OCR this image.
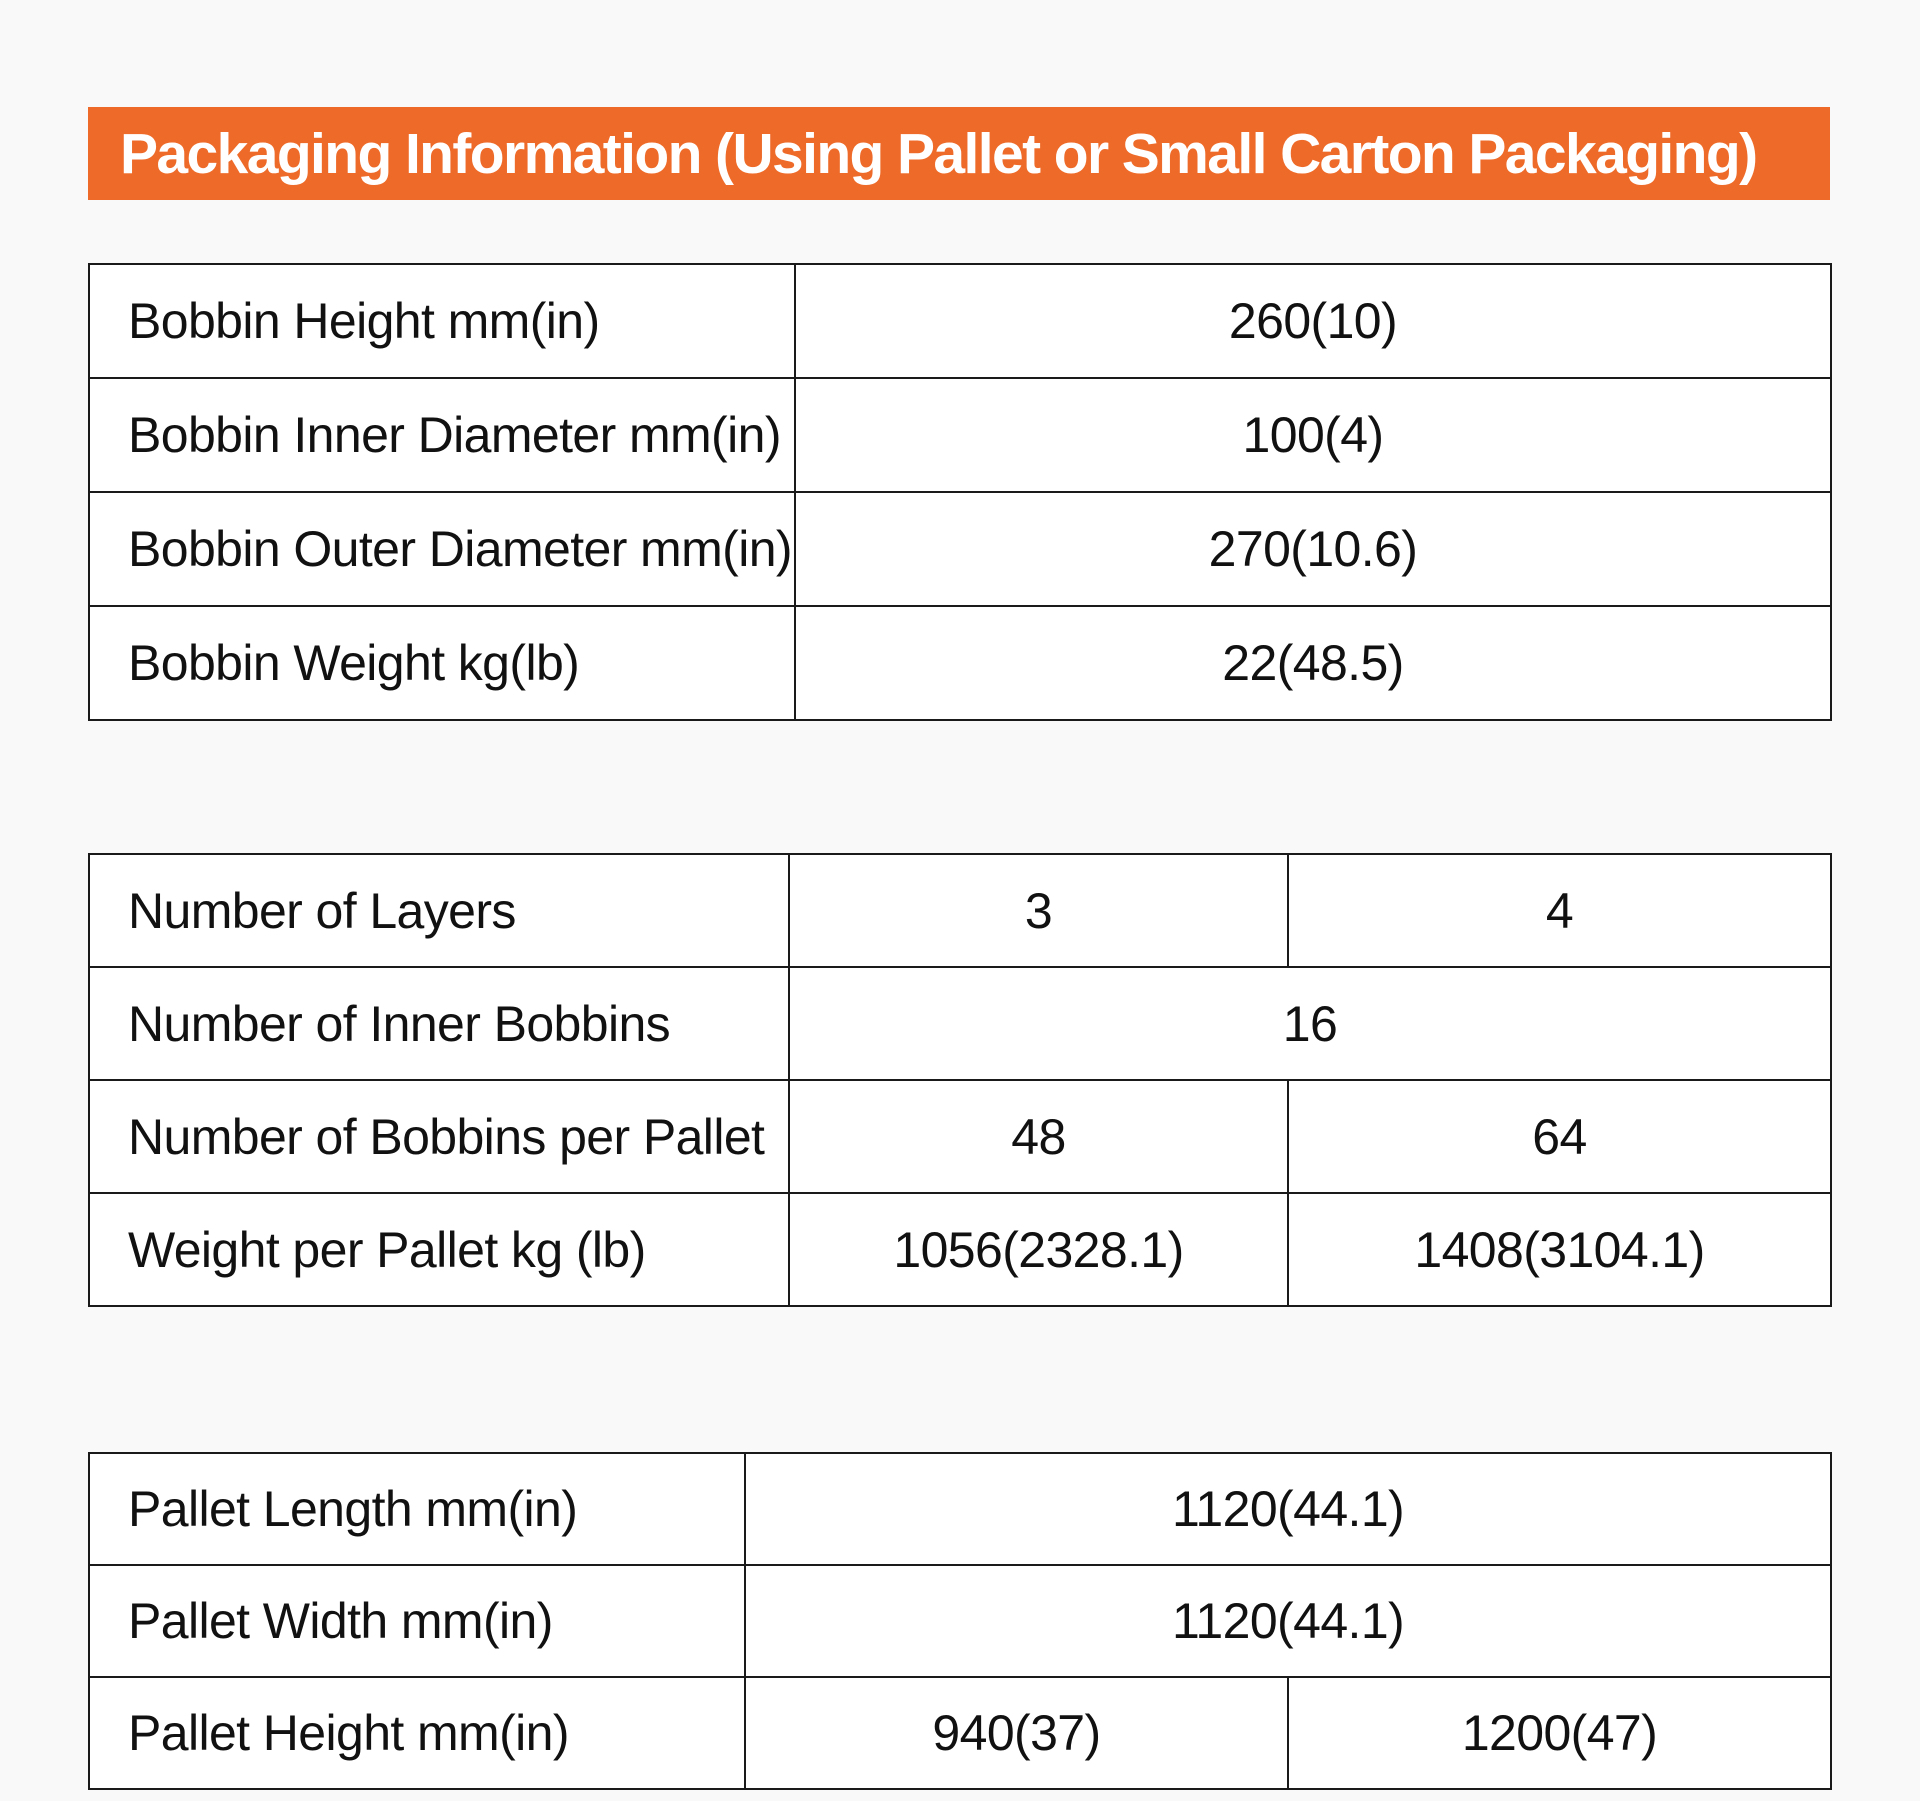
Packaging Information (Using Pallet or Small Carton Packaging)
Bobbin Height mm(in)	260(10)
Bobbin Inner Diameter mm(in)	100(4)
Bobbin Outer Diameter mm(in)	270(10.6)
Bobbin Weight kg(lb)	22(48.5)
Number of Layers	3	4
Number of Inner Bobbins	16	
Number of Bobbins per Pallet	48	64
Weight per Pallet kg (lb)	1056(2328.1)	1408(3104.1)
Pallet Length mm(in)	1120(44.1)	
Pallet Width mm(in)	1120(44.1)	
Pallet Height mm(in)	940(37)	1200(47)
